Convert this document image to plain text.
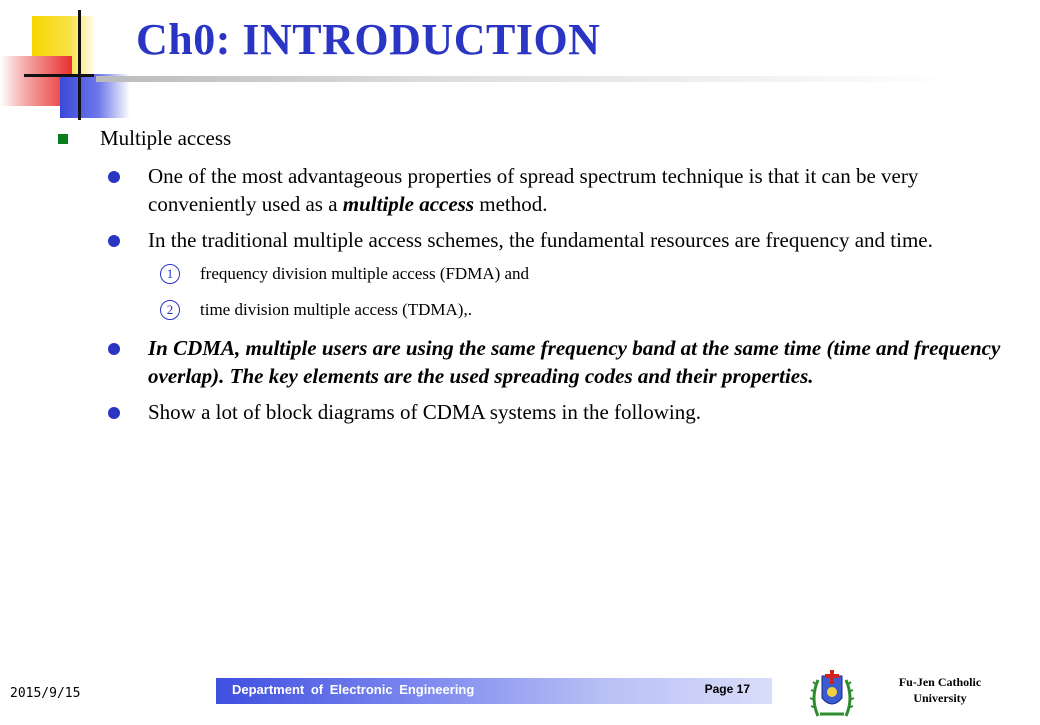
Ch0: INTRODUCTION
Multiple access
One of the most advantageous properties of spread spectrum technique is that it can be very conveniently used as a multiple access method.
In the traditional multiple access schemes, the fundamental resources are frequency and time.
1	frequency division multiple access (FDMA) and
2	time division multiple access (TDMA),.
In CDMA, multiple users are using the same frequency band at the same time (time and frequency overlap). The key elements are the used spreading codes and their properties.
Show a lot of block diagrams of CDMA systems in the following.
2015/9/15	Department of Electronic Engineering	Page 17	Fu-Jen Catholic
University
